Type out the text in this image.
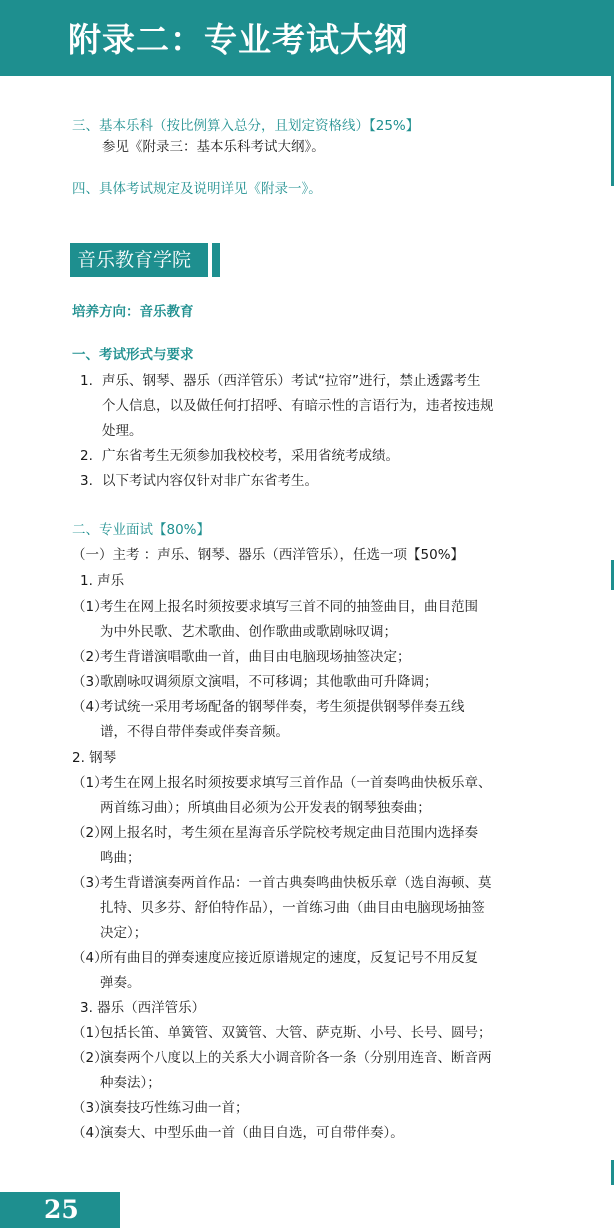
附录二：专业考试大纲
三、基本乐科（按比例算入总分，且划定资格线）【25%】
参见《附录三：基本乐科考试大纲》。
四、具体考试规定及说明详见《附录一》。
音乐教育学院
培养方向：音乐教育
一、考试形式与要求
1. 声乐、钢琴、器乐（西洋管乐）考试“拉帘”进行，禁止透露考生
个人信息，以及做任何打招呼、有暗示性的言语行为，违者按违规
处理。
2. 广东省考生无须参加我校校考，采用省统考成绩。
3. 以下考试内容仅针对非广东省考生。
二、专业面试【80%】
（一）主考 ：声乐、钢琴、器乐（西洋管乐），任选一项【50%】
1. 声乐
（1）
考生在网上报名时须按要求填写三首不同的抽签曲目，曲目范围
为中外民歌、艺术歌曲、创作歌曲或歌剧咏叹调；
（2）
考生背谱演唱歌曲一首，曲目由电脑现场抽签决定；
（3）
歌剧咏叹调须原文演唱，不可移调；其他歌曲可升降调；
（4）
考试统一采用考场配备的钢琴伴奏，考生须提供钢琴伴奏五线
谱，不得自带伴奏或伴奏音频。
2. 钢琴
（1）
考生在网上报名时须按要求填写三首作品（一首奏鸣曲快板乐章、
两首练习曲）；所填曲目必须为公开发表的钢琴独奏曲；
（2）
网上报名时，考生须在星海音乐学院校考规定曲目范围内选择奏
鸣曲；
（3）
考生背谱演奏两首作品：一首古典奏鸣曲快板乐章（选自海顿、莫
扎特、贝多芬、舒伯特作品），一首练习曲（曲目由电脑现场抽签
决定）；
（4）
所有曲目的弹奏速度应接近原谱规定的速度，反复记号不用反复
弹奏。
3. 器乐（西洋管乐）
（1）
包括长笛、单簧管、双簧管、大管、萨克斯、小号、长号、圆号；
（2）
演奏两个八度以上的关系大小调音阶各一条（分别用连音、断音两
种奏法）；
（3）
演奏技巧性练习曲一首；
（4）
演奏大、中型乐曲一首（曲目自选，可自带伴奏）。
25
